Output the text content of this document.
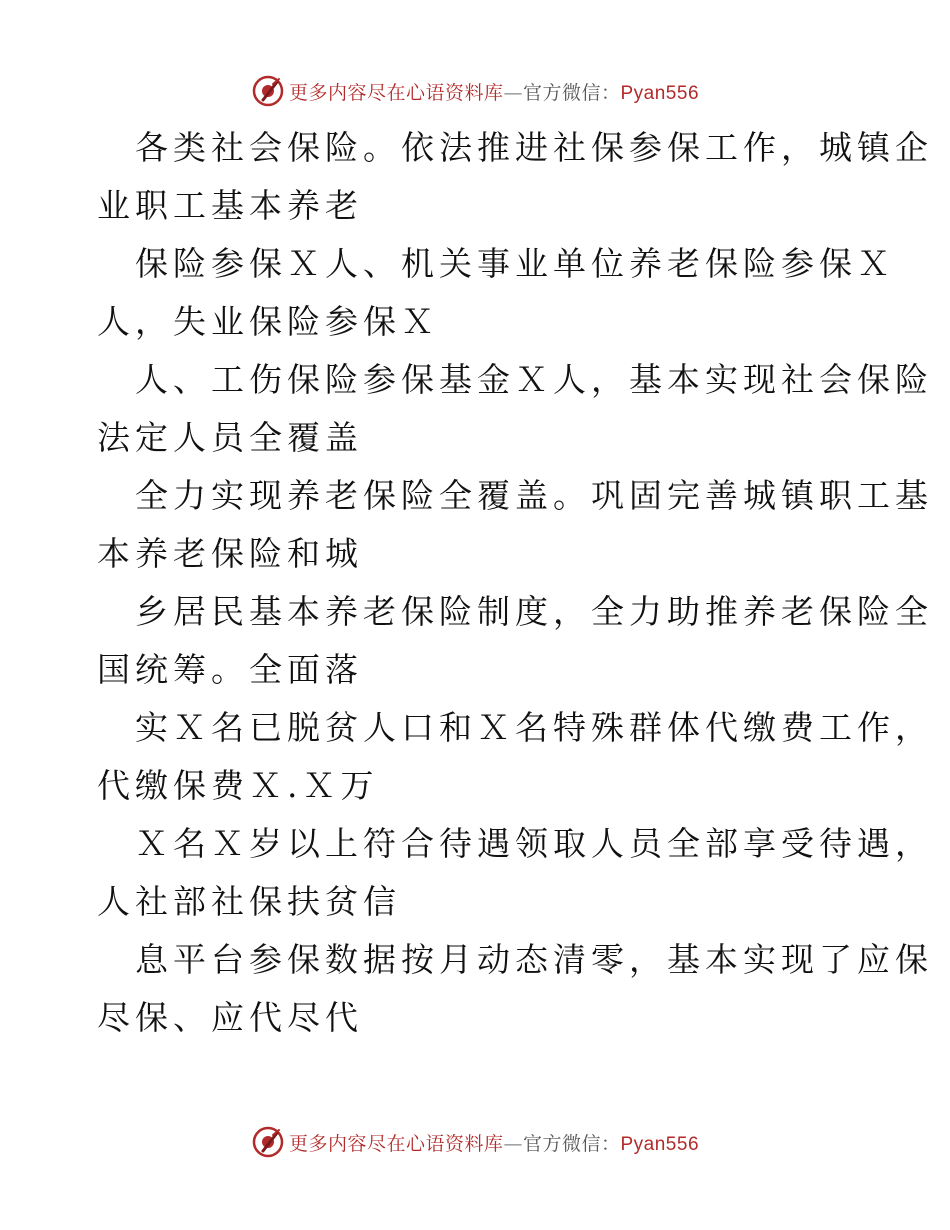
更多内容尽在心语资料库—官方微信：Pyan556
各类社会保险。依法推进社保参保工作，城镇企
业职工基本养老
保险参保Ｘ人、机关事业单位养老保险参保Ｘ
人，失业保险参保Ｘ
人、工伤保险参保基金Ｘ人，基本实现社会保险
法定人员全覆盖
全力实现养老保险全覆盖。巩固完善城镇职工基
本养老保险和城
乡居民基本养老保险制度，全力助推养老保险全
国统筹。全面落
实Ｘ名已脱贫人口和Ｘ名特殊群体代缴费工作，
代缴保费Ｘ.Ｘ万
Ｘ名Ｘ岁以上符合待遇领取人员全部享受待遇，
人社部社保扶贫信
息平台参保数据按月动态清零，基本实现了应保
尽保、应代尽代
更多内容尽在心语资料库—官方微信：Pyan556
